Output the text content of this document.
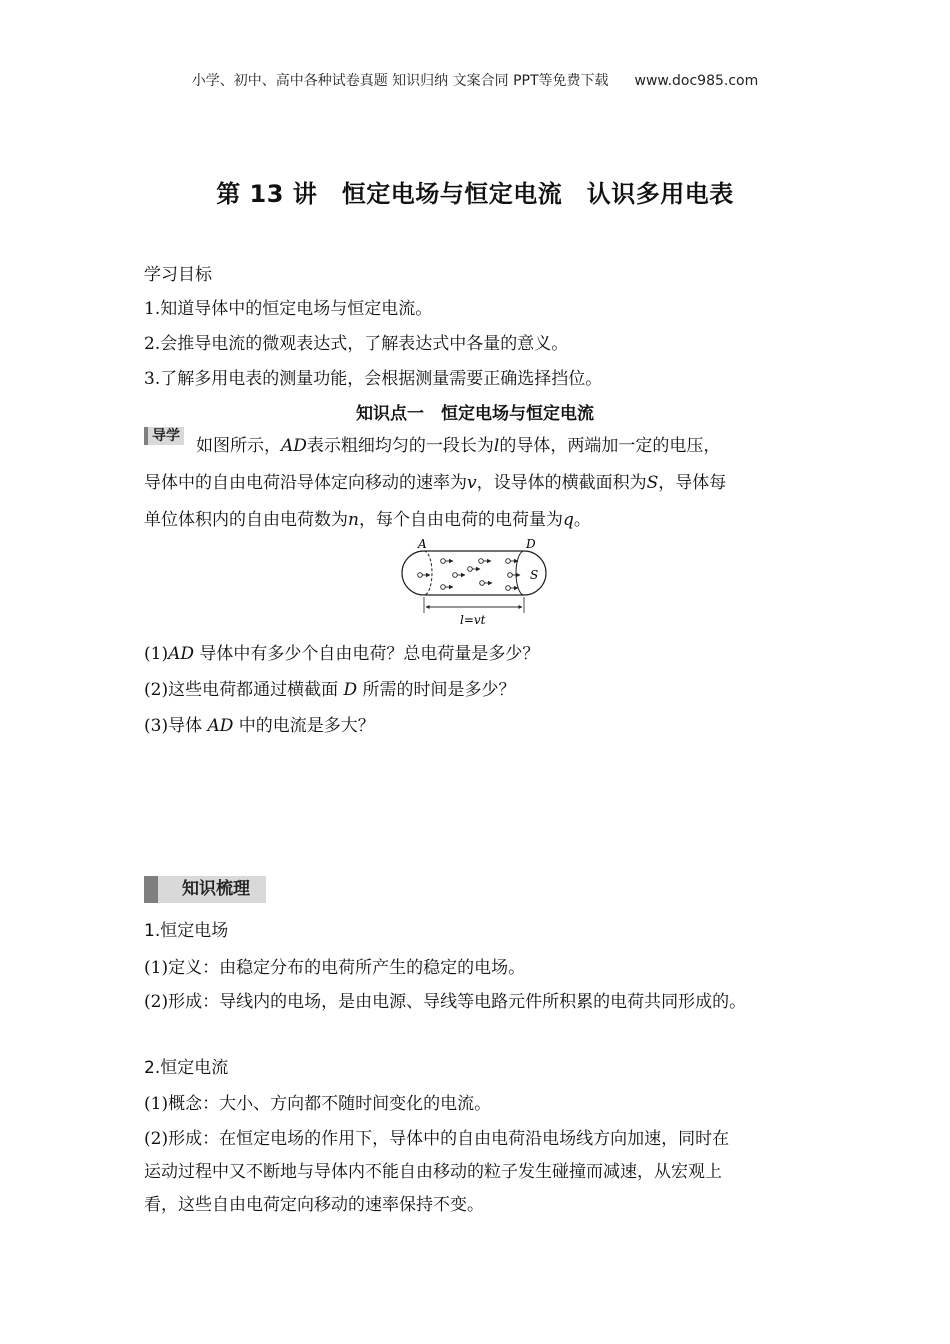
小学、初中、高中各种试卷真题 知识归纳 文案合同 PPT等免费下载 www.doc985.com
第 13 讲　恒定电场与恒定电流　认识多用电表
学习目标
1.知道导体中的恒定电场与恒定电流。
2.会推导电流的微观表达式，了解表达式中各量的意义。
3.了解多用电表的测量功能，会根据测量需要正确选择挡位。
知识点一　恒定电场与恒定电流
导学 如图所示，AD表示粗细均匀的一段长为l的导体，两端加一定的电压，
导体中的自由电荷沿导体定向移动的速率为v，设导体的横截面积为S，导体每
单位体积内的自由电荷数为n，每个自由电荷的电荷量为q。
A	D
S
l=vt
(1)AD 导体中有多少个自由电荷？总电荷量是多少？
(2)这些电荷都通过横截面 D 所需的时间是多少？
(3)导体 AD 中的电流是多大？
知识梳理
1.恒定电场
(1)定义：由稳定分布的电荷所产生的稳定的电场。
(2)形成：导线内的电场，是由电源、导线等电路元件所积累的电荷共同形成的。
2.恒定电流
(1)概念：大小、方向都不随时间变化的电流。
(2)形成：在恒定电场的作用下，导体中的自由电荷沿电场线方向加速，同时在
运动过程中又不断地与导体内不能自由移动的粒子发生碰撞而减速，从宏观上
看，这些自由电荷定向移动的速率保持不变。
